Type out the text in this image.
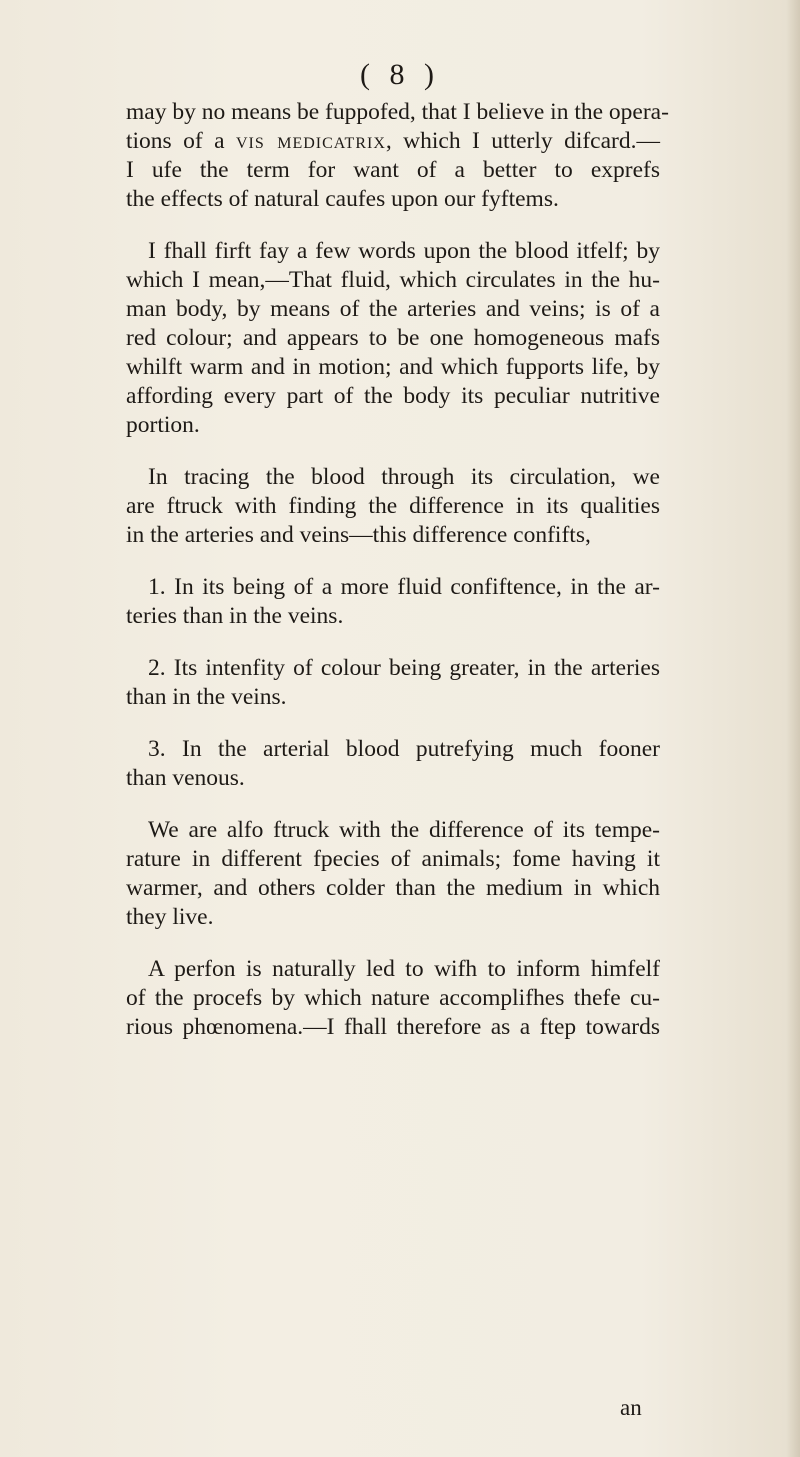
( 8 )

may by no means be fuppofed, that I believe in the opera-
tions of a vis medicatrix, which I utterly difcard.—
I ufe the term for want of a better to exprefs
the effects of natural caufes upon our fyftems.

I fhall firft fay a few words upon the blood itfelf; by
which I mean,—That fluid, which circulates in the hu-
man body, by means of the arteries and veins; is of a
red colour; and appears to be one homogeneous mafs
whilft warm and in motion; and which fupports life, by
affording every part of the body its peculiar nutritive
portion.

In tracing the blood through its circulation, we
are ftruck with finding the difference in its qualities
in the arteries and veins—this difference confifts,

1. In its being of a more fluid confiftence, in the ar-
teries than in the veins.

2. Its intenfity of colour being greater, in the arteries
than in the veins.

3. In the arterial blood putrefying much fooner
than venous.

We are alfo ftruck with the difference of its tempe-
rature in different fpecies of animals; fome having it
warmer, and others colder than the medium in which
they live.

A perfon is naturally led to wifh to inform himfelf
of the procefs by which nature accomplifhes thefe cu-
rious phœnomena.—I fhall therefore as a ftep towards

an
